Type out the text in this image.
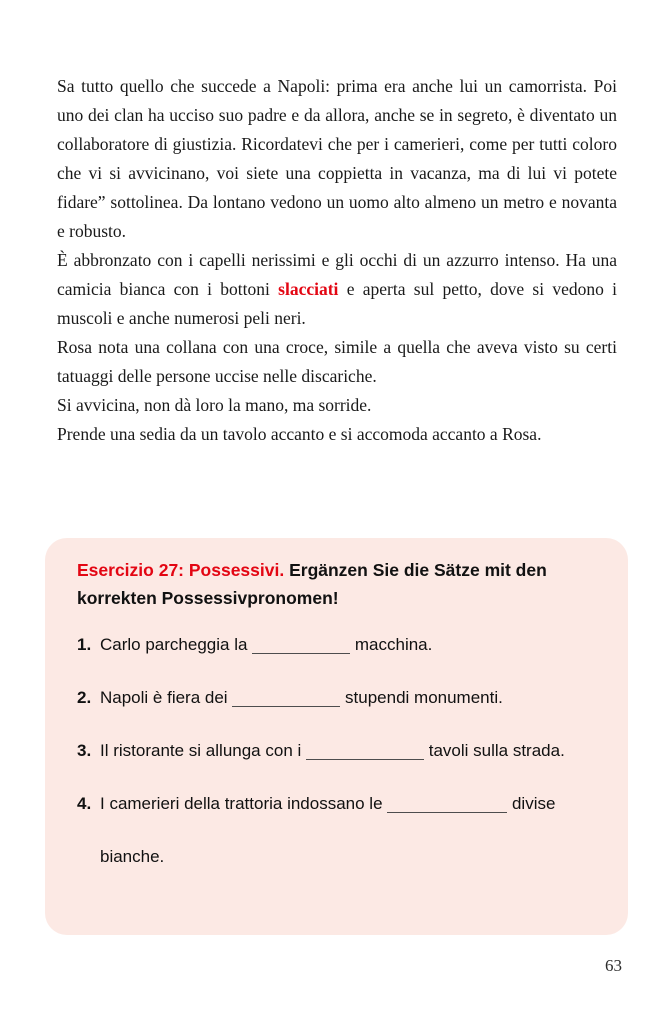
Sa tutto quello che succede a Napoli: prima era anche lui un camorrista. Poi uno dei clan ha ucciso suo padre e da allora, anche se in segreto, è diventato un collaboratore di giustizia. Ricordatevi che per i camerieri, come per tutti coloro che vi si avvicinano, voi siete una coppietta in vacanza, ma di lui vi potete fidare” sottolinea. Da lontano vedono un uomo alto almeno un metro e novanta e robusto.

È abbronzato con i capelli nerissimi e gli occhi di un azzurro intenso. Ha una camicia bianca con i bottoni slacciati e aperta sul petto, dove si vedono i muscoli e anche numerosi peli neri.

Rosa nota una collana con una croce, simile a quella che aveva visto su certi tatuaggi delle persone uccise nelle discariche.

Si avvicina, non dà loro la mano, ma sorride.

Prende una sedia da un tavolo accanto e si accomoda accanto a Rosa.

Esercizio 27: Possessivi. Ergänzen Sie die Sätze mit den korrekten Possessivpronomen!

1. Carlo parcheggia la	macchina.
2. Napoli è fiera dei	stupendi monumenti.
3. Il ristorante si allunga con i	tavoli sulla strada.
4. I camerieri della trattoria indossano le	divise bianche.
63
